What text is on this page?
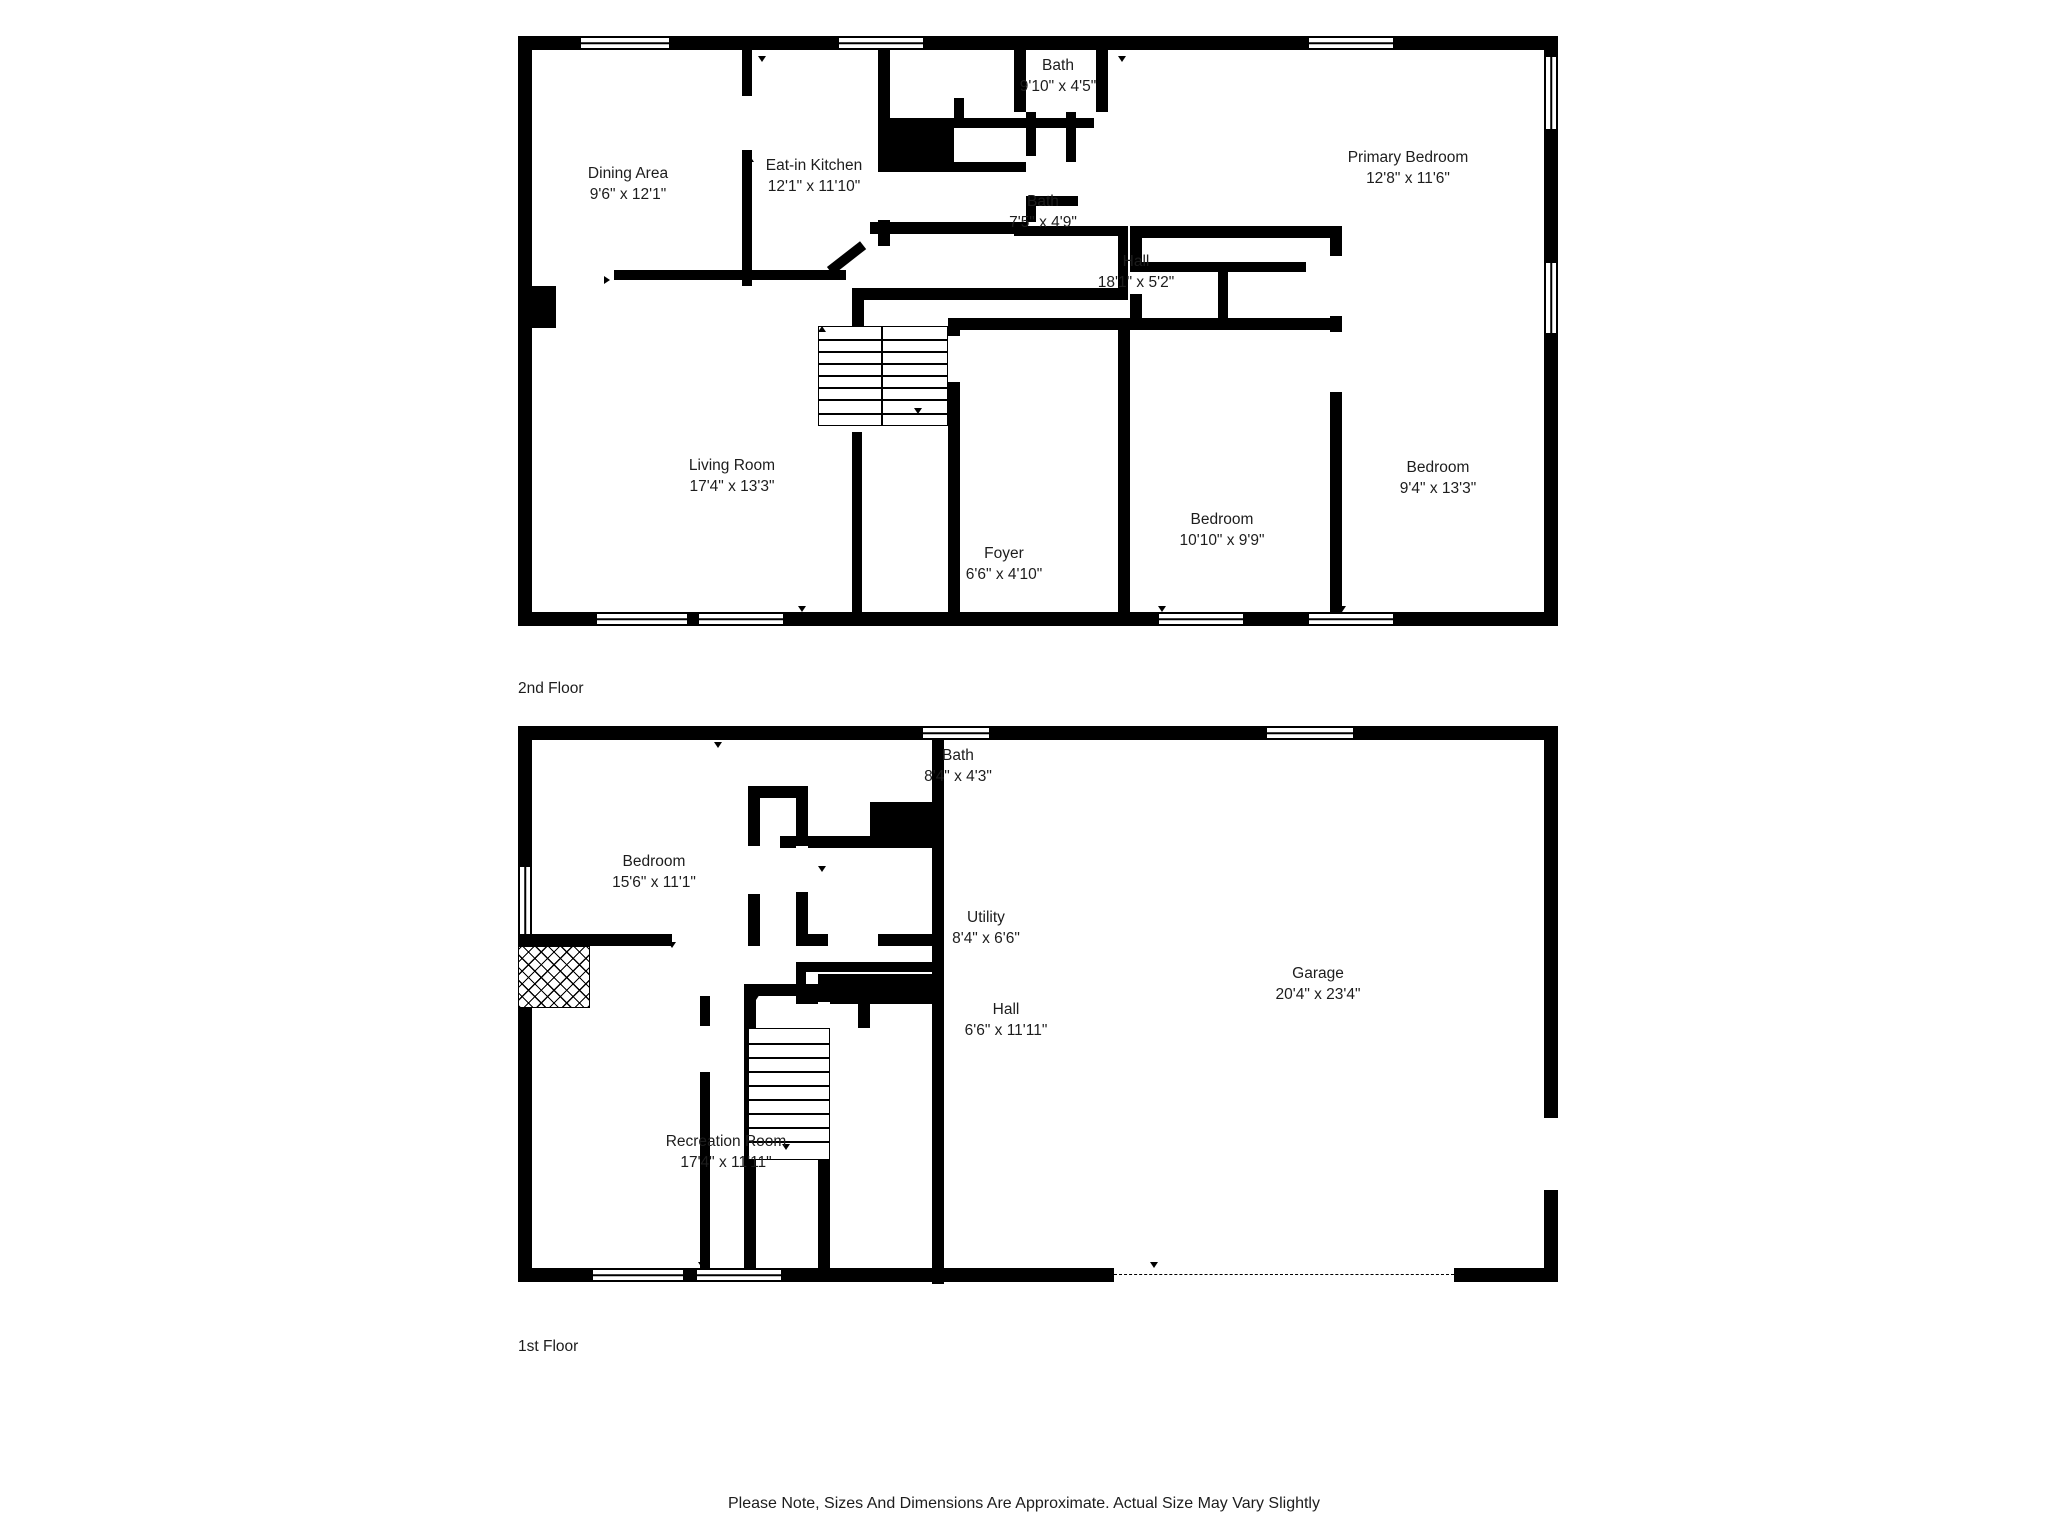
Dining Area
9'6" x 12'1"
Eat-in Kitchen
12'1" x 11'10"
Bath
9'10" x 4'5"
Primary Bedroom
12'8" x 11'6"
Bath
7'5" x 4'9"
Hall
18'1" x 5'2"
Living Room
17'4" x 13'3"
Bedroom
9'4" x 13'3"
Bedroom
10'10" x 9'9"
Foyer
6'6" x 4'10"
2nd Floor
Bath
8'4" x 4'3"
Bedroom
15'6" x 11'1"
Utility
8'4" x 6'6"
Garage
20'4" x 23'4"
Hall
6'6" x 11'11"
Recreation Room
17'4" x 11'11"
1st Floor
Please Note, Sizes And Dimensions Are Approximate. Actual Size May Vary Slightly
